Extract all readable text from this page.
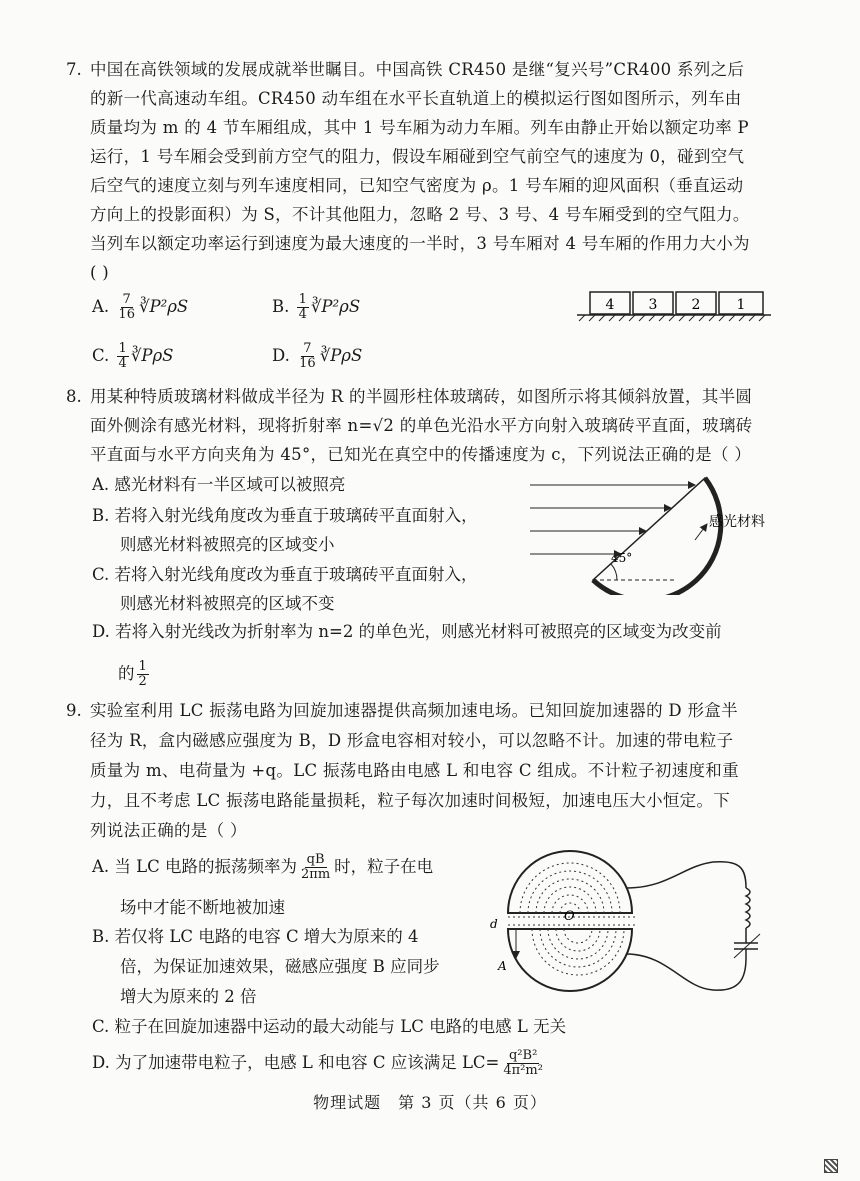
7. 中国在高铁领域的发展成就举世瞩目。中国高铁 CR450 是继“复兴号”CR400 系列之后
的新一代高速动车组。CR450 动车组在水平长直轨道上的模拟运行图如图所示，列车由
质量均为 m 的 4 节车厢组成，其中 1 号车厢为动力车厢。列车由静止开始以额定功率 P
运行，1 号车厢会受到前方空气的阻力，假设车厢碰到空气前空气的速度为 0，碰到空气
后空气的速度立刻与列车速度相同，已知空气密度为 ρ。1 号车厢的迎风面积（垂直运动
方向上的投影面积）为 S，不计其他阻力，忽略 2 号、3 号、4 号车厢受到的空气阻力。
当列车以额定功率运行到速度为最大速度的一半时，3 号车厢对 4 号车厢的作用力大小为
( )
A. $\frac{7}{16}$ ∛P²ρS	B. $\frac{1}{4}$ ∛P²ρS
C. $\frac{1}{4}$ ∛PρS	D. $\frac{7}{16}$ ∛PρS
4 3 2	1
8. 用某种特质玻璃材料做成半径为 R 的半圆形柱体玻璃砖，如图所示将其倾斜放置，其半圆
面外侧涂有感光材料，现将折射率 n=√2 的单色光沿水平方向射入玻璃砖平直面，玻璃砖
平直面与水平方向夹角为 45°，已知光在真空中的传播速度为 c，下列说法正确的是（ ）
A. 感光材料有一半区域可以被照亮
B. 若将入射光线角度改为垂直于玻璃砖平直面射入，
则感光材料被照亮的区域变小
C. 若将入射光线角度改为垂直于玻璃砖平直面射入，
则感光材料被照亮的区域不变
D. 若将入射光线改为折射率为 n=2 的单色光，则感光材料可被照亮的区域变为改变前
的 $\frac{1}{2}$
45°
感光材料
9. 实验室利用 LC 振荡电路为回旋加速器提供高频加速电场。已知回旋加速器的 D 形盒半
径为 R，盒内磁感应强度为 B，D 形盒电容相对较小，可以忽略不计。加速的带电粒子
质量为 m、电荷量为 +q。LC 振荡电路由电感 L 和电容 C 组成。不计粒子初速度和重
力，且不考虑 LC 振荡电路能量损耗，粒子每次加速时间极短，加速电压大小恒定。下
列说法正确的是（ ）
A. 当 LC 电路的振荡频率为 $\frac{qB}{2\pi m}$ 时，粒子在电
场中才能不断地被加速
B. 若仅将 LC 电路的电容 C 增大为原来的 4
倍，为保证加速效果，磁感应强度 B 应同步
增大为原来的 2 倍
C. 粒子在回旋加速器中运动的最大动能与 LC 电路的电感 L 无关
D. 为了加速带电粒子，电感 L 和电容 C 应该满足 $LC= \frac{\text{q²B²}}{\text{4π²m²}}$
d	O
A
物理试题　第 3 页（共 6 页）
